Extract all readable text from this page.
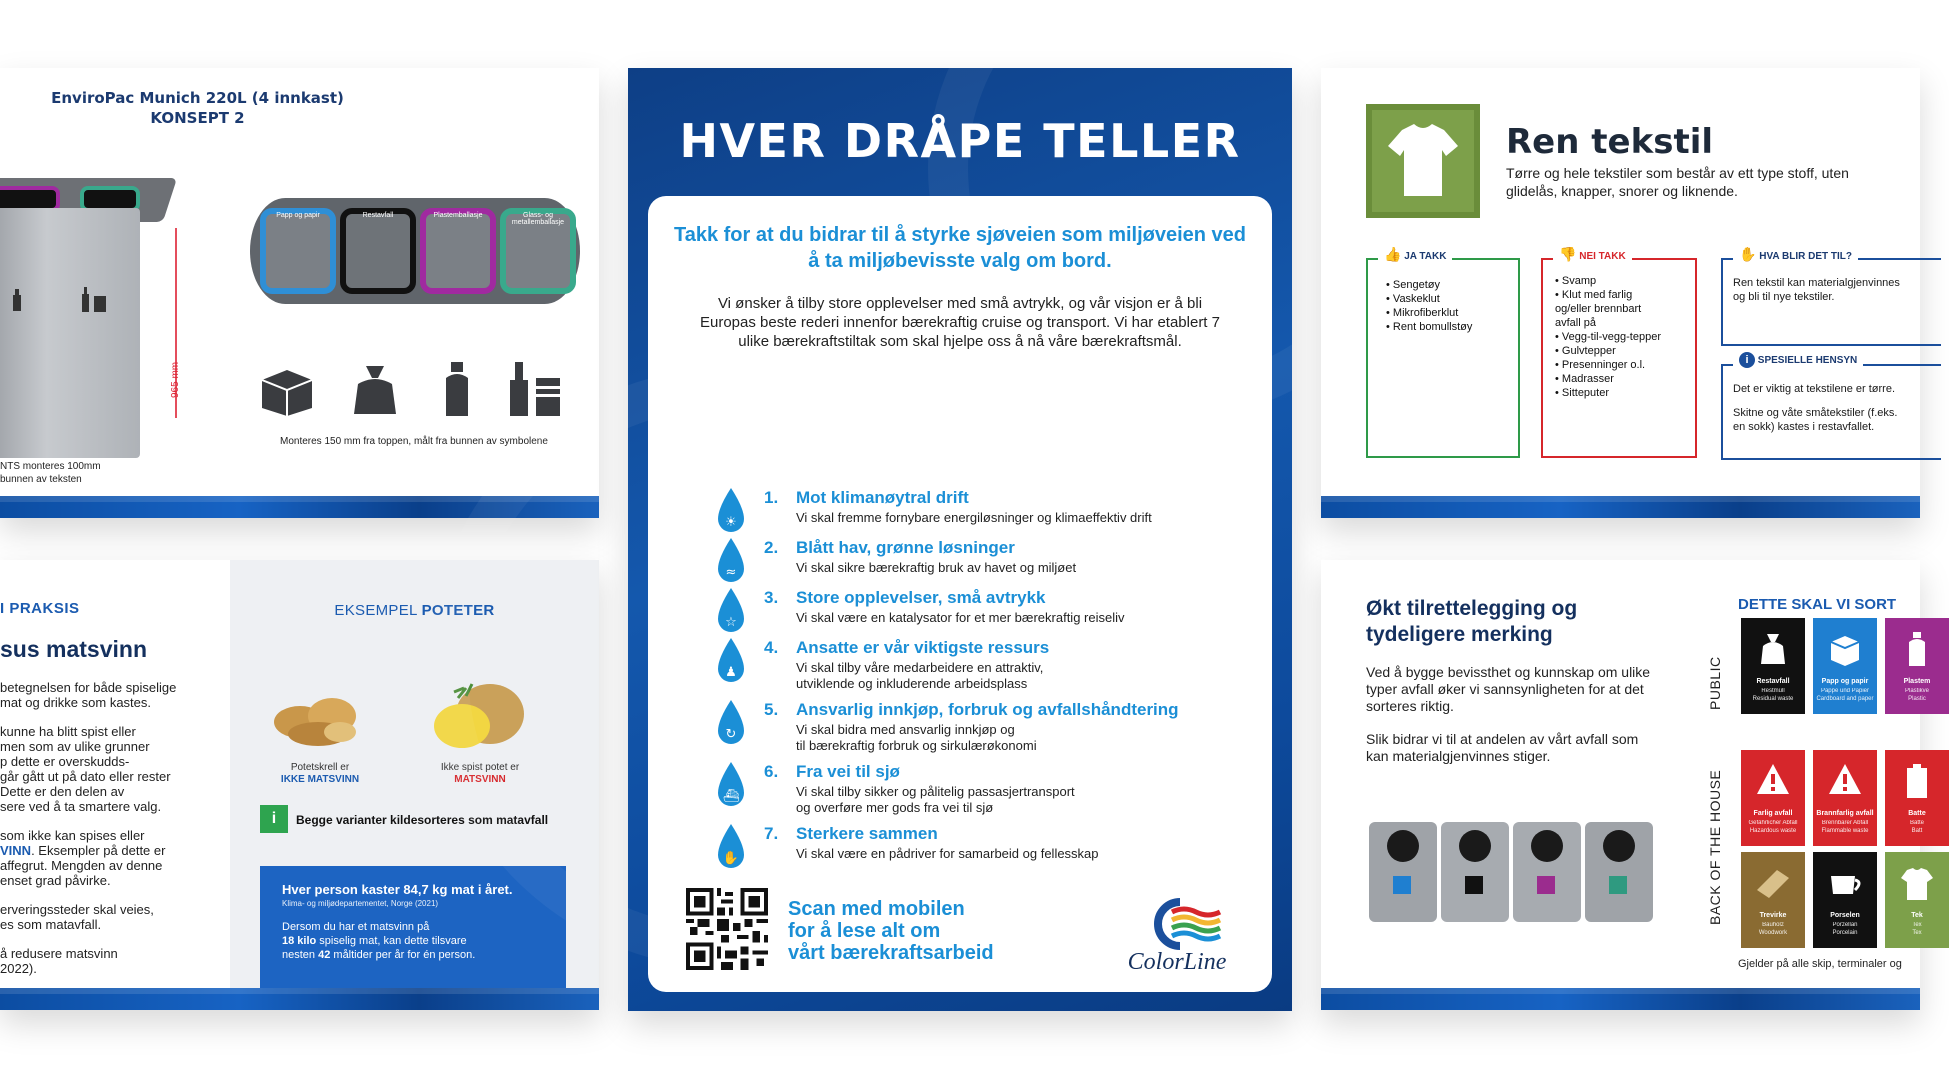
EnviroPac Munich 220L (4 innkast)
KONSEPT 2
965 mm
NTS monteres 100mm
bunnen av teksten
Papp og papir	Restavfall	Plastemballasje	Glass- og metallemballasje
Monteres 150 mm fra toppen, målt fra bunnen av symbolene
I PRAKSIS
sus matsvinn

betegnelsen for både spiselige
mat og drikke som kastes.

kunne ha blitt spist eller
men som av ulike grunner
p dette er overskudds-
går gått ut på dato eller rester
Dette er den delen av
sere ved å ta smartere valg.

som ikke kan spises eller
VINN. Eksempler på dette er
affegrut. Mengden av denne
enset grad påvirke.

erveringssteder skal veies,
es som matavfall.

å redusere matsvinn
2022).

EKSEMPEL POTETER
Potetskrell er
IKKE MATSVINN
Ikke spist potet er
MATSVINN
i	Begge varianter kildesorteres som matavfall
Hver person kaster 84,7 kg mat i året.
Klima- og miljødepartementet, Norge (2021)
Dersom du har et matsvinn på
18 kilo spiselig mat, kan dette tilsvare
nesten 42 måltider per år for én person.
HVER DRÅPE TELLER
Takk for at du bidrar til å styrke sjøveien som miljøveien ved å ta miljøbevisste valg om bord.
Vi ønsker å tilby store opplevelser med små avtrykk, og vår visjon er å bli Europas beste rederi innenfor bærekraftig cruise og transport. Vi har etablert 7 ulike bærekraftstiltak som skal hjelpe oss å nå våre bærekraftsmål.
☀
1. Mot klimanøytral drift
Vi skal fremme fornybare energiløsninger og klimaeffektiv drift
≈
2. Blått hav, grønne løsninger
Vi skal sikre bærekraftig bruk av havet og miljøet
☆
3. Store opplevelser, små avtrykk
Vi skal være en katalysator for et mer bærekraftig reiseliv
♟
4. Ansatte er vår viktigste ressurs
Vi skal tilby våre medarbeidere en attraktiv,
utviklende og inkluderende arbeidsplass
↻
5. Ansvarlig innkjøp, forbruk og avfallshåndtering
Vi skal bidra med ansvarlig innkjøp og
til bærekraftig forbruk og sirkulærøkonomi
⛴
6. Fra vei til sjø
Vi skal tilby sikker og pålitelig passasjertransport
og overføre mer gods fra vei til sjø
✋
7. Sterkere sammen
Vi skal være en pådriver for samarbeid og fellesskap
Scan med mobilen
for å lese alt om
vårt bærekraftsarbeid	ColorLine
Ren tekstil
Tørre og hele tekstiler som består av ett type stoff, uten glidelås, knapper, snorer og liknende.
👍 JA TAKK
• Sengetøy
• Vaskeklut
• Mikrofiberklut
• Rent bomullstøy
👎 NEI TAKK
• Svamp
• Klut med farlig
og/eller brennbart
avfall på
• Vegg-til-vegg-tepper
• Gulvtepper
• Presenninger o.l.
• Madrasser
• Sitteputer
✋ HVA BLIR DET TIL?
Ren tekstil kan materialgjenvinnes
og bli til nye tekstiler.
i SPESIELLE HENSYN
Det er viktig at tekstilene er tørre.
Skitne og våte småtekstiler (f.eks.
en sokk) kastes i restavfallet.
Økt tilrettelegging og tydeligere merking

Ved å bygge bevissthet og kunnskap om ulike typer avfall øker vi sannsynligheten for at det sorteres riktig.

Slik bidrar vi til at andelen av vårt avfall som kan materialgjenvinnes stiger.

DETTE SKAL VI SORT
PUBLIC
BACK OF THE HOUSE
Restavfall
Restmüll
Residual waste
Papp og papir
Pappe und Papier
Cardboard and paper
Plastem
Plastikve
Plastic
Farlig avfall
Gefährlicher Abfall
Hazardous waste
Brannfarlig avfall
Brennbarer Abfall
Flammable waste
Batte
Batte
Batt
Trevirke
Bauholz
Woodwork
Porselen
Porzellan
Porcelain
Tek
Tex
Tex
Gjelder på alle skip, terminaler og
